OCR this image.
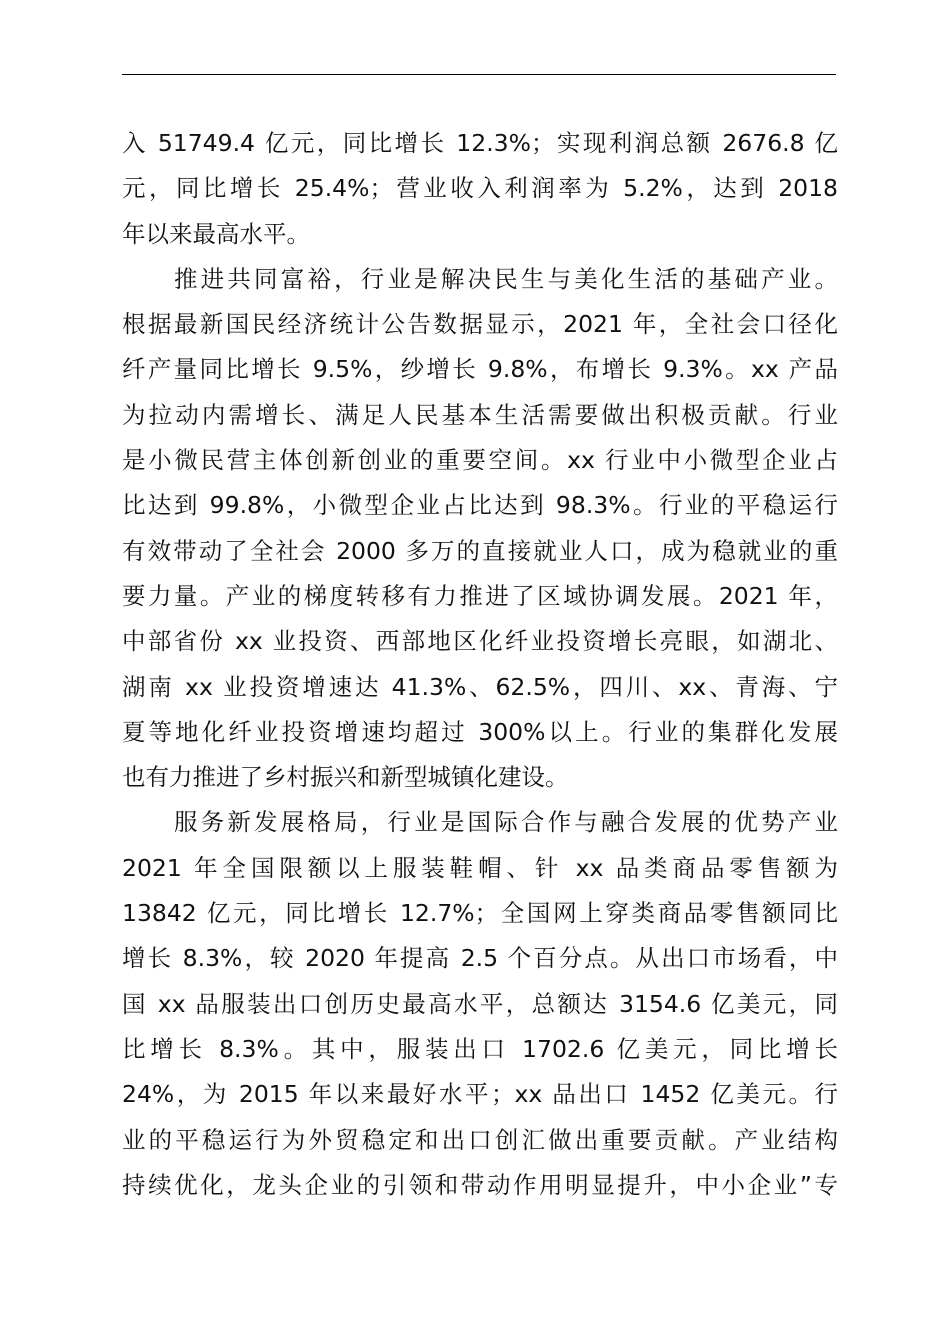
入 51749.4 亿元，同比增长 12.3%；实现利润总额 2676.8 亿
元，同比增长 25.4%；营业收入利润率为 5.2%，达到 2018
年以来最高水平。
推进共同富裕，行业是解决民生与美化生活的基础产业。
根据最新国民经济统计公告数据显示，2021 年，全社会口径化
纤产量同比增长 9.5%，纱增长 9.8%，布增长 9.3%。xx 产品
为拉动内需增长、满足人民基本生活需要做出积极贡献。行业
是小微民营主体创新创业的重要空间。xx 行业中小微型企业占
比达到 99.8%，小微型企业占比达到 98.3%。行业的平稳运行
有效带动了全社会 2000 多万的直接就业人口，成为稳就业的重
要力量。产业的梯度转移有力推进了区域协调发展。2021 年，
中部省份 xx 业投资、西部地区化纤业投资增长亮眼，如湖北、
湖南 xx 业投资增速达 41.3%、62.5%，四川、xx、青海、宁
夏等地化纤业投资增速均超过 300%以上。行业的集群化发展
也有力推进了乡村振兴和新型城镇化建设。
服务新发展格局，行业是国际合作与融合发展的优势产业
2021 年全国限额以上服装鞋帽、针 xx 品类商品零售额为
13842 亿元，同比增长 12.7%；全国网上穿类商品零售额同比
增长 8.3%，较 2020 年提高 2.5 个百分点。从出口市场看，中
国 xx 品服装出口创历史最高水平，总额达 3154.6 亿美元，同
比增长 8.3%。其中，服装出口 1702.6 亿美元，同比增长
24%，为 2015 年以来最好水平；xx 品出口 1452 亿美元。行
业的平稳运行为外贸稳定和出口创汇做出重要贡献。产业结构
持续优化，龙头企业的引领和带动作用明显提升，中小企业”专
